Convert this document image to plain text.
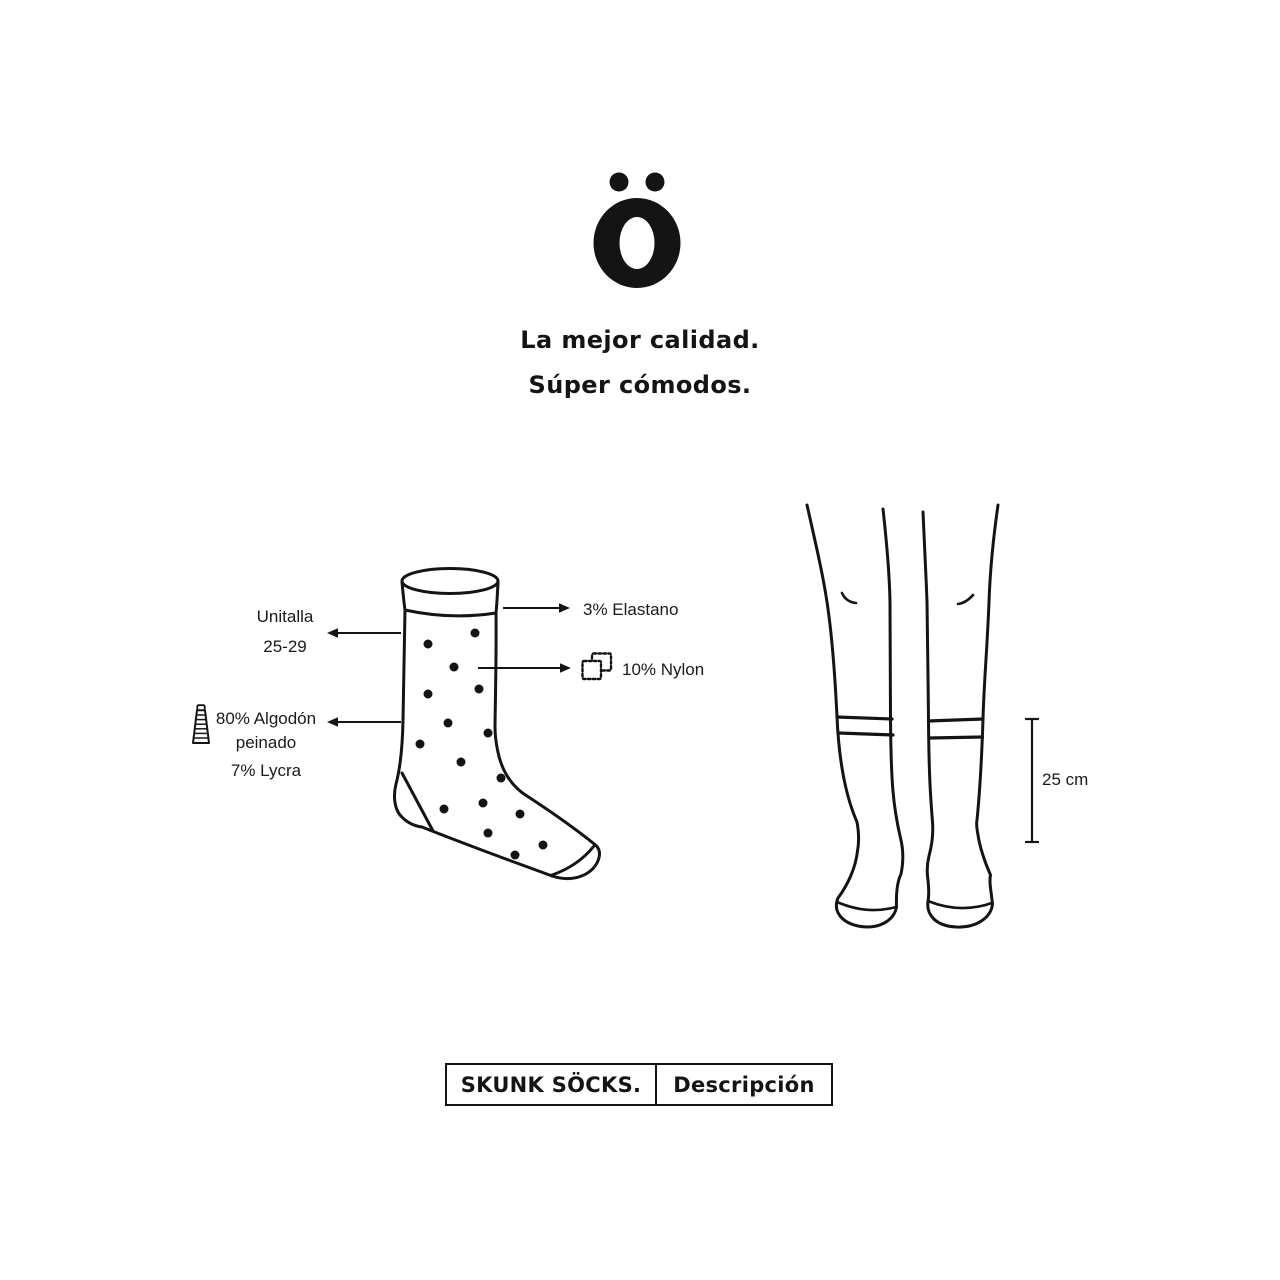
La mejor calidad.
Súper cómodos.
Unitalla
25-29
80% Algodón
peinado
7% Lycra
3% Elastano
10% Nylon
25 cm
SKUNK SÖCKS.	Descripción
